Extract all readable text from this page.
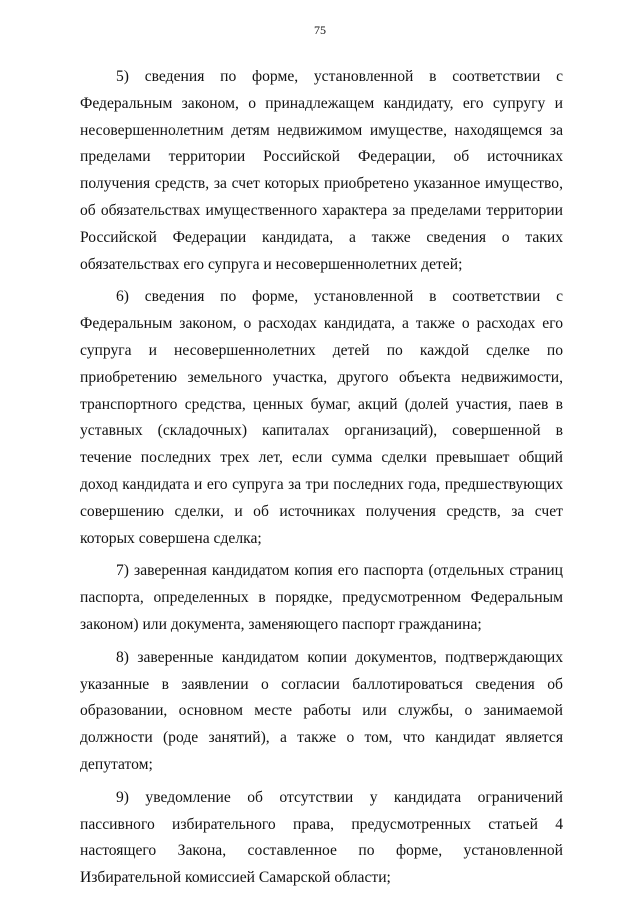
75

5) сведения по форме, установленной в соответствии с Федеральным законом, о принадлежащем кандидату, его супругу и несовершеннолетним детям недвижимом имуществе, находящемся за пределами территории Российской Федерации, об источниках получения средств, за счет которых приобретено указанное имущество, об обязательствах имущественного характера за пределами территории Российской Федерации кандидата, а также сведения о таких обязательствах его супруга и несовершеннолетних детей;

6) сведения по форме, установленной в соответствии с Федеральным законом, о расходах кандидата, а также о расходах его супруга и несовершеннолетних детей по каждой сделке по приобретению земельного участка, другого объекта недвижимости, транспортного средства, ценных бумаг, акций (долей участия, паев в уставных (складочных) капиталах организаций), совершенной в течение последних трех лет, если сумма сделки превышает общий доход кандидата и его супруга за три последних года, предшествующих совершению сделки, и об источниках получения средств, за счет которых совершена сделка;

7) заверенная кандидатом копия его паспорта (отдельных страниц паспорта, определенных в порядке, предусмотренном Федеральным законом) или документа, заменяющего паспорт гражданина;

8) заверенные кандидатом копии документов, подтверждающих указанные в заявлении о согласии баллотироваться сведения об образовании, основном месте работы или службы, о занимаемой должности (роде занятий), а также о том, что кандидат является депутатом;

9) уведомление об отсутствии у кандидата ограничений пассивного избирательного права, предусмотренных статьей 4 настоящего Закона, составленное по форме, установленной Избирательной комиссией Самарской области;
